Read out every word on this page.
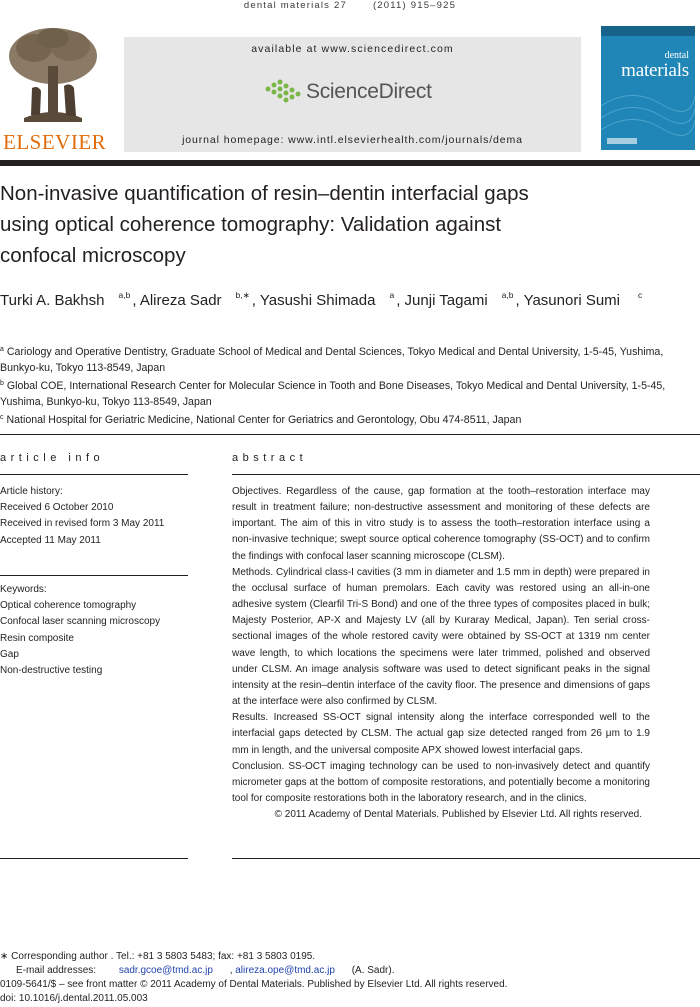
dental materials 27	(2011) 915–925
ELSEVIER
available at www.sciencedirect.com
ScienceDirect
journal homepage: www.intl.elsevierhealth.com/journals/dema
dental
materials
Non-invasive quantification of resin–dentin interfacial gaps
using optical coherence tomography: Validation against
confocal microscopy
Turki A. Bakhsh $^{a,b}$ , Alireza Sadr $^{b,∗}$ , Yasushi Shimada $^a$ , Junji Tagami $^{a,b}$ , Yasunori Sumi $^c$

$^a$ Cariology and Operative Dentistry, Graduate School of Medical and Dental Sciences, Tokyo Medical and Dental University, 1-5-45, Yushima, Bunkyo-ku, Tokyo 113-8549, Japan

$^b$ Global COE, International Research Center for Molecular Science in Tooth and Bone Diseases, Tokyo Medical and Dental University, 1-5-45, Yushima, Bunkyo-ku, Tokyo 113-8549, Japan

$^c$ National Hospital for Geriatric Medicine, National Center for Geriatrics and Gerontology, Obu 474-8511, Japan

article info	abstract
Article history:
Received 6 October 2010
Received in revised form 3 May 2011
Accepted 11 May 2011
Keywords:
Optical coherence tomography
Confocal laser scanning microscopy
Resin composite
Gap
Non-destructive testing

Objectives. Regardless of the cause, gap formation at the tooth–restoration interface may result in treatment failure; non-destructive assessment and monitoring of these defects are important. The aim of this in vitro study is to assess the tooth–restoration interface using a non-invasive technique; swept source optical coherence tomography (SS-OCT) and to confirm the findings with confocal laser scanning microscope (CLSM).

Methods. Cylindrical class-I cavities (3 mm in diameter and 1.5 mm in depth) were prepared in the occlusal surface of human premolars. Each cavity was restored using an all-in-one adhesive system (Clearfil Tri-S Bond) and one of the three types of composites placed in bulk; Majesty Posterior, AP-X and Majesty LV (all by Kuraray Medical, Japan). Ten serial cross-sectional images of the whole restored cavity were obtained by SS-OCT at 1319 nm center wave length, to which locations the specimens were later trimmed, polished and observed under CLSM. An image analysis software was used to detect significant peaks in the signal intensity at the resin–dentin interface of the cavity floor. The presence and dimensions of gaps at the interface were also confirmed by CLSM.

Results. Increased SS-OCT signal intensity along the interface corresponded well to the interfacial gaps detected by CLSM. The actual gap size detected ranged from 26 μm to 1.9 mm in length, and the universal composite APX showed lowest interfacial gaps.

Conclusion. SS-OCT imaging technology can be used to non-invasively detect and quantify micrometer gaps at the bottom of composite restorations, and potentially become a monitoring tool for composite restorations both in the laboratory research, and in the clinics.

© 2011 Academy of Dental Materials. Published by Elsevier Ltd. All rights reserved.

∗ Corresponding author . Tel.: +81 3 5803 5483; fax: +81 3 5803 0195.
E-mail addresses: sadr.gcoe@tmd.ac.jp , alireza.ope@tmd.ac.jp (A. Sadr).
0109-5641/$ – see front matter © 2011 Academy of Dental Materials. Published by Elsevier Ltd. All rights reserved.
doi: 10.1016/j.dental.2011.05.003
